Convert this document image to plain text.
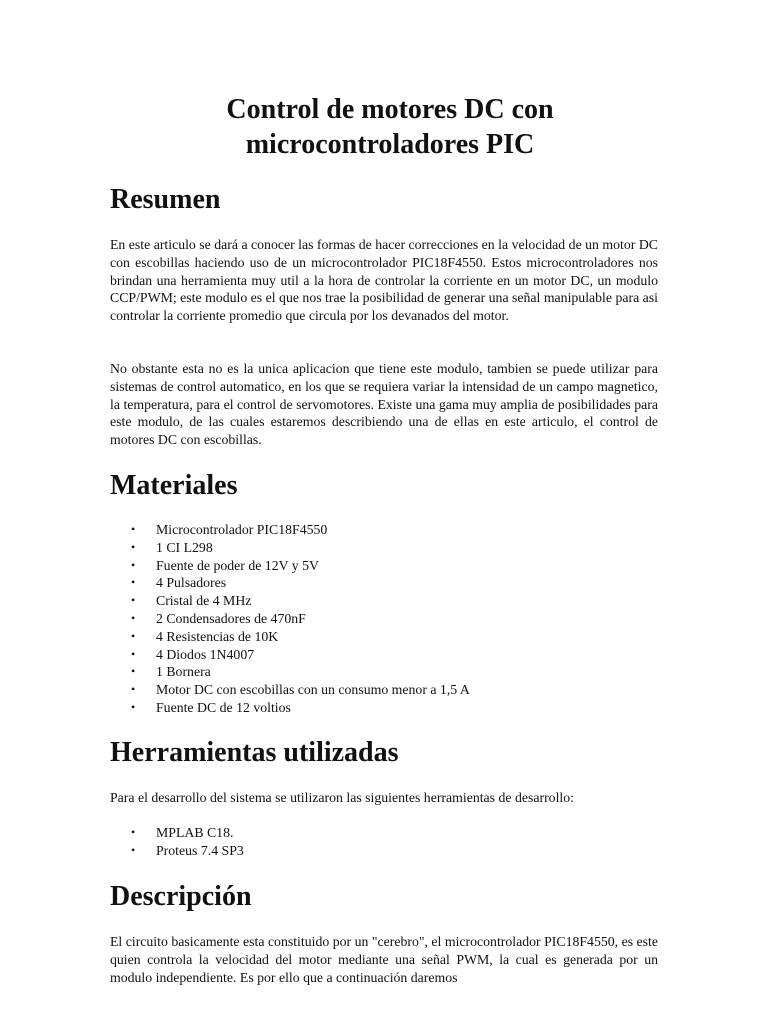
Control de motores DC con
microcontroladores PIC
Resumen

En este articulo se dará a conocer las formas de hacer correcciones en la velocidad de un motor DC con escobillas haciendo uso de un microcontrolador PIC18F4550. Estos microcontroladores nos brindan una herramienta muy util a la hora de controlar la corriente en un motor DC, un modulo CCP/PWM; este modulo es el que nos trae la posibilidad de generar una señal manipulable para asi controlar la corriente promedio que circula por los devanados del motor.

No obstante esta no es la unica aplicacion que tiene este modulo, tambien se puede utilizar para sistemas de control automatico, en los que se requiera variar la intensidad de un campo magnetico, la temperatura, para el control de servomotores. Existe una gama muy amplia de posibilidades para este modulo, de las cuales estaremos describiendo una de ellas en este articulo, el control de motores DC con escobillas.

Materiales
• Microcontrolador PIC18F4550
• 1 CI L298
• Fuente de poder de 12V y 5V
• 4 Pulsadores
• Cristal de 4 MHz
• 2 Condensadores de 470nF
• 4 Resistencias de 10K
• 4 Diodos 1N4007
• 1 Bornera
• Motor DC con escobillas con un consumo menor a 1,5 A
• Fuente DC de 12 voltios
Herramientas utilizadas

Para el desarrollo del sistema se utilizaron las siguientes herramientas de desarrollo:

• MPLAB C18.
• Proteus 7.4 SP3
Descripción

El circuito basicamente esta constituido por un "cerebro", el microcontrolador PIC18F4550, es este quien controla la velocidad del motor mediante una señal PWM, la cual es generada por un modulo independiente. Es por ello que a continuación daremos
